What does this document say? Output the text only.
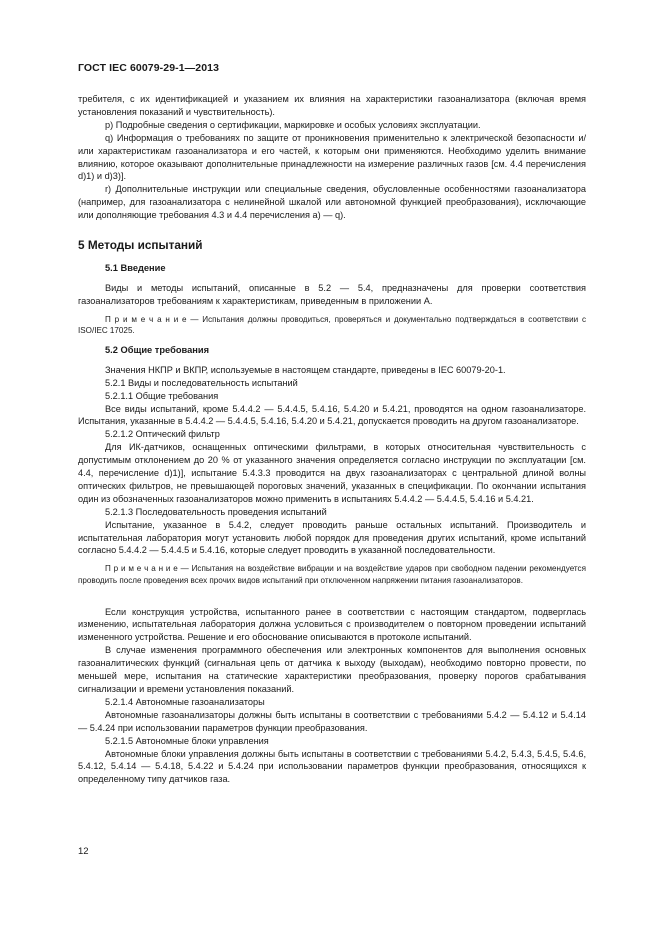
ГОСТ IEC 60079-29-1—2013

требителя, с их идентификацией и указанием их влияния на характеристики газоанализатора (включая время установления показаний и чувствительность).

p) Подробные сведения о сертификации, маркировке и особых условиях эксплуатации.

q) Информация о требованиях по защите от проникновения применительно к электрической безопасности и/или характеристикам газоанализатора и его частей, к которым они применяются. Необходимо уделить внимание влиянию, которое оказывают дополнительные принадлежности на измерение различных газов [см. 4.4 перечисления d)1) и d)3)].

r) Дополнительные инструкции или специальные сведения, обусловленные особенностями газоанализатора (например, для газоанализатора с нелинейной шкалой или автономной функцией преобразования), исключающие или дополняющие требования 4.3 и 4.4 перечисления a) — q).

5 Методы испытаний
5.1 Введение

Виды и методы испытаний, описанные в 5.2 — 5.4, предназначены для проверки соответствия газоанализаторов требованиям к характеристикам, приведенным в приложении А.

П р и м е ч а н и е — Испытания должны проводиться, проверяться и документально подтверждаться в соответствии с ISO/IEC 17025.

5.2 Общие требования

Значения НКПР и ВКПР, используемые в настоящем стандарте, приведены в IEC 60079-20-1.

5.2.1 Виды и последовательность испытаний

5.2.1.1 Общие требования

Все виды испытаний, кроме 5.4.4.2 — 5.4.4.5, 5.4.16, 5.4.20 и 5.4.21, проводятся на одном газоанализаторе. Испытания, указанные в 5.4.4.2 — 5.4.4.5, 5.4.16, 5.4.20 и 5.4.21, допускается проводить на другом газоанализаторе.

5.2.1.2 Оптический фильтр

Для ИК-датчиков, оснащенных оптическими фильтрами, в которых относительная чувствительность с допустимым отклонением до 20 % от указанного значения определяется согласно инструкции по эксплуатации [см. 4.4, перечисление d)1)], испытание 5.4.3.3 проводится на двух газоанализаторах с центральной длиной волны оптических фильтров, не превышающей пороговых значений, указанных в спецификации. По окончании испытания один из обозначенных газоанализаторов можно применить в испытаниях 5.4.4.2 — 5.4.4.5, 5.4.16 и 5.4.21.

5.2.1.3 Последовательность проведения испытаний

Испытание, указанное в 5.4.2, следует проводить раньше остальных испытаний. Производитель и испытательная лаборатория могут установить любой порядок для проведения других испытаний, кроме испытаний согласно 5.4.4.2 — 5.4.4.5 и 5.4.16, которые следует проводить в указанной последовательности.

П р и м е ч а н и е — Испытания на воздействие вибрации и на воздействие ударов при свободном падении рекомендуется проводить после проведения всех прочих видов испытаний при отключенном напряжении питания газоанализаторов.

Если конструкция устройства, испытанного ранее в соответствии с настоящим стандартом, подверглась изменению, испытательная лаборатория должна условиться с производителем о повторном проведении испытаний измененного устройства. Решение и его обоснование описываются в протоколе испытаний.

В случае изменения программного обеспечения или электронных компонентов для выполнения основных газоаналитических функций (сигнальная цепь от датчика к выходу (выходам), необходимо повторно провести, по меньшей мере, испытания на статические характеристики преобразования, проверку порогов срабатывания сигнализации и времени установления показаний.

5.2.1.4 Автономные газоанализаторы

Автономные газоанализаторы должны быть испытаны в соответствии с требованиями 5.4.2 — 5.4.12 и 5.4.14 — 5.4.24 при использовании параметров функции преобразования.

5.2.1.5 Автономные блоки управления

Автономные блоки управления должны быть испытаны в соответствии с требованиями 5.4.2, 5.4.3, 5.4.5, 5.4.6, 5.4.12, 5.4.14 — 5.4.18, 5.4.22 и 5.4.24 при использовании параметров функции преобразования, относящихся к определенному типу датчиков газа.

12
